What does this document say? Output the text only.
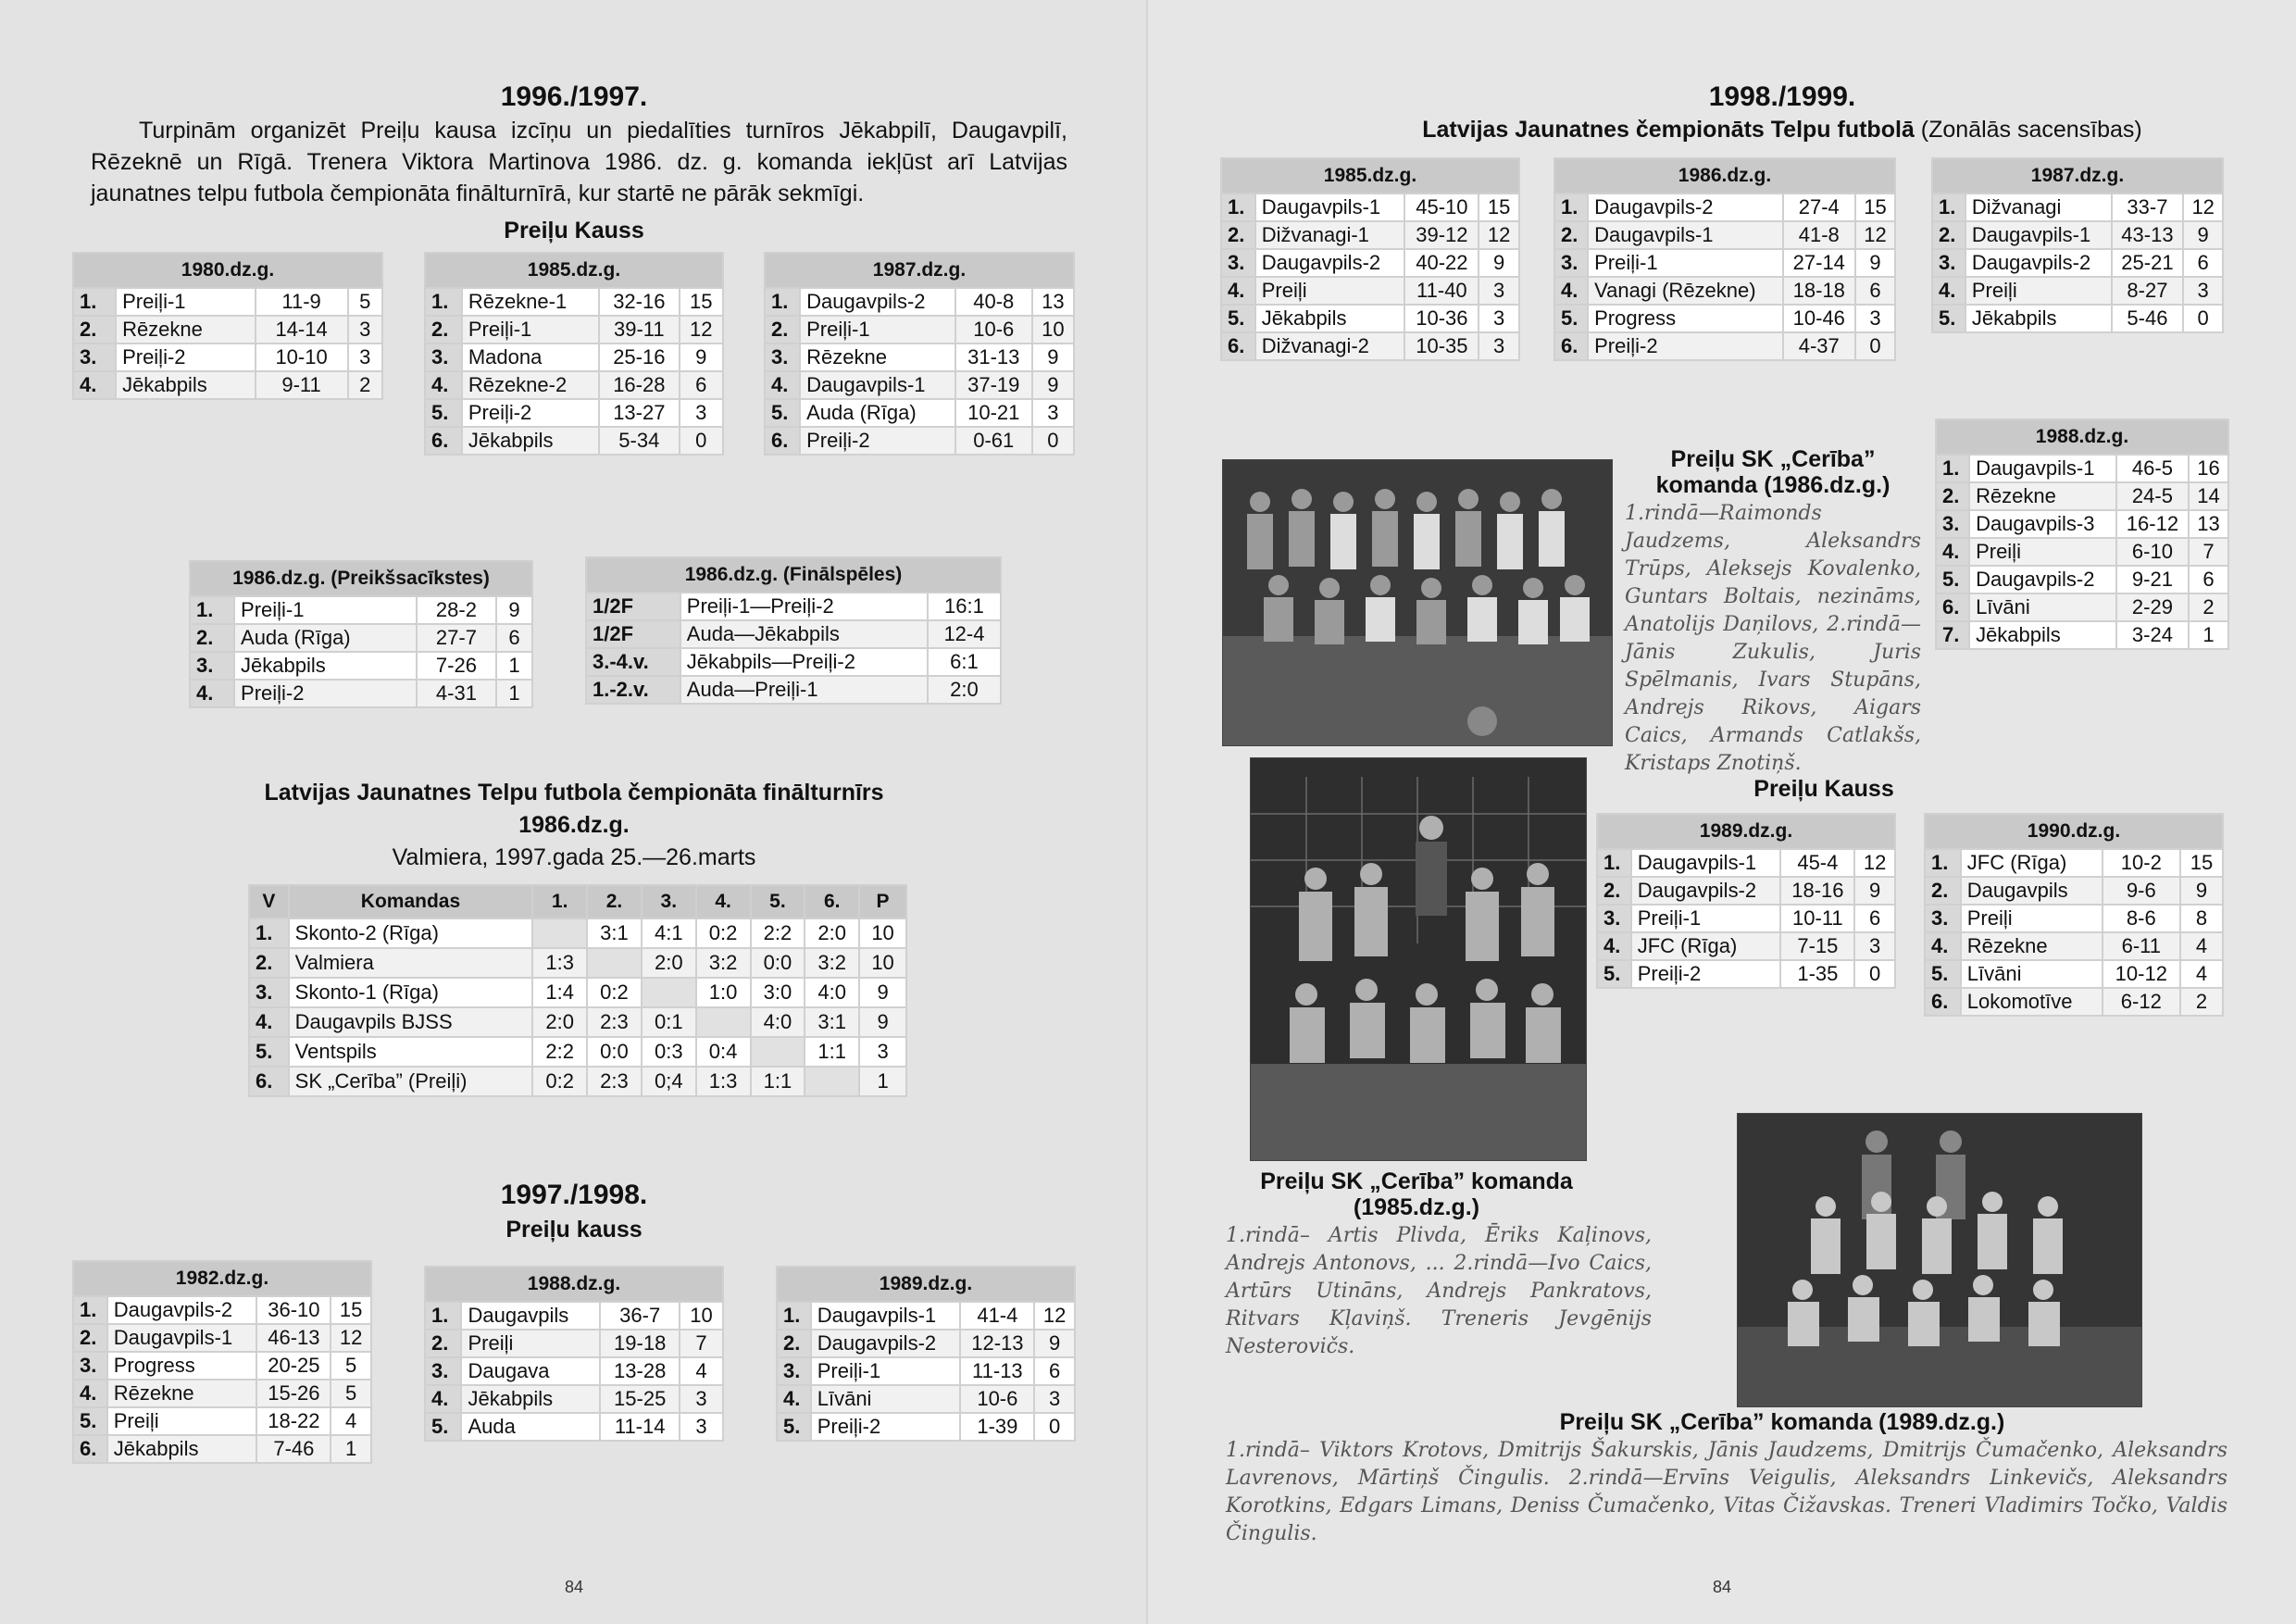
1996./1997.
Turpinām organizēt Preiļu kausa izcīņu un piedalīties turnīros Jēkabpilī, Daugavpilī, Rēzeknē un Rīgā. Trenera Viktora Martinova 1986. dz. g. komanda iekļūst arī Latvijas jaunatnes telpu futbola čempionāta finālturnīrā, kur startē ne pārāk sekmīgi.
Preiļu Kauss
1980.dz.g.			
1.	Preiļi-1	11-9	5
2.	Rēzekne	14-14	3
3.	Preiļi-2	10-10	3
4.	Jēkabpils	9-11	2
1985.dz.g.			
1.	Rēzekne-1	32-16	15
2.	Preiļi-1	39-11	12
3.	Madona	25-16	9
4.	Rēzekne-2	16-28	6
5.	Preiļi-2	13-27	3
6.	Jēkabpils	5-34	0
1987.dz.g.			
1.	Daugavpils-2	40-8	13
2.	Preiļi-1	10-6	10
3.	Rēzekne	31-13	9
4.	Daugavpils-1	37-19	9
5.	Auda (Rīga)	10-21	3
6.	Preiļi-2	0-61	0
1986.dz.g. (Preikšsacīkstes)			
1.	Preiļi-1	28-2	9
2.	Auda (Rīga)	27-7	6
3.	Jēkabpils	7-26	1
4.	Preiļi-2	4-31	1
1986.dz.g. (Finālspēles)		
1/2F	Preiļi-1—Preiļi-2	16:1
1/2F	Auda—Jēkabpils	12-4
3.-4.v.	Jēkabpils—Preiļi-2	6:1
1.-2.v.	Auda—Preiļi-1	2:0
Latvijas Jaunatnes Telpu futbola čempionāta finālturnīrs
1986.dz.g.
Valmiera, 1997.gada 25.—26.marts
V	Komandas	1.	2.	3.	4.	5.	6.	P
1.	Skonto-2 (Rīga)		3:1	4:1	0:2	2:2	2:0	10
2.	Valmiera	1:3		2:0	3:2	0:0	3:2	10
3.	Skonto-1 (Rīga)	1:4	0:2		1:0	3:0	4:0	9
4.	Daugavpils BJSS	2:0	2:3	0:1		4:0	3:1	9
5.	Ventspils	2:2	0:0	0:3	0:4		1:1	3
6.	SK „Cerība” (Preiļi)	0:2	2:3	0;4	1:3	1:1		1
1997./1998.
Preiļu kauss
1982.dz.g.			
1.	Daugavpils-2	36-10	15
2.	Daugavpils-1	46-13	12
3.	Progress	20-25	5
4.	Rēzekne	15-26	5
5.	Preiļi	18-22	4
6.	Jēkabpils	7-46	1
1988.dz.g.			
1.	Daugavpils	36-7	10
2.	Preiļi	19-18	7
3.	Daugava	13-28	4
4.	Jēkabpils	15-25	3
5.	Auda	11-14	3
1989.dz.g.			
1.	Daugavpils-1	41-4	12
2.	Daugavpils-2	12-13	9
3.	Preiļi-1	11-13	6
4.	Līvāni	10-6	3
5.	Preiļi-2	1-39	0
84
1998./1999.
Latvijas Jaunatnes čempionāts Telpu futbolā (Zonālās sacensības)
1985.dz.g.			
1.	Daugavpils-1	45-10	15
2.	Dižvanagi-1	39-12	12
3.	Daugavpils-2	40-22	9
4.	Preiļi	11-40	3
5.	Jēkabpils	10-36	3
6.	Dižvanagi-2	10-35	3
1986.dz.g.			
1.	Daugavpils-2	27-4	15
2.	Daugavpils-1	41-8	12
3.	Preiļi-1	27-14	9
4.	Vanagi (Rēzekne)	18-18	6
5.	Progress	10-46	3
6.	Preiļi-2	4-37	0
1987.dz.g.			
1.	Dižvanagi	33-7	12
2.	Daugavpils-1	43-13	9
3.	Daugavpils-2	25-21	6
4.	Preiļi	8-27	3
5.	Jēkabpils	5-46	0
1988.dz.g.			
1.	Daugavpils-1	46-5	16
2.	Rēzekne	24-5	14
3.	Daugavpils-3	16-12	13
4.	Preiļi	6-10	7
5.	Daugavpils-2	9-21	6
6.	Līvāni	2-29	2
7.	Jēkabpils	3-24	1
Preiļu SK „Cerība” komanda (1986.dz.g.)
1.rindā—Raimonds Jaudzems, Aleksandrs Trūps, Aleksejs Kovalenko, Guntars Boltais, nezināms, Anatolijs Daņilovs, 2.rindā—Jānis Zukulis, Juris Spēlmanis, Ivars Stupāns, Andrejs Rikovs, Aigars Caics, Armands Catlakšs, Kristaps Znotiņš.
Preiļu SK „Cerība” komanda (1985.dz.g.)
1.rindā– Artis Plivda, Ēriks Kaļinovs, Andrejs Antonovs, ... 2.rindā—Ivo Caics, Artūrs Utināns, Andrejs Pankratovs, Ritvars Kļaviņš. Treneris Jevgēnijs Nesterovičs.
Preiļu Kauss
1989.dz.g.			
1.	Daugavpils-1	45-4	12
2.	Daugavpils-2	18-16	9
3.	Preiļi-1	10-11	6
4.	JFC (Rīga)	7-15	3
5.	Preiļi-2	1-35	0
1990.dz.g.			
1.	JFC (Rīga)	10-2	15
2.	Daugavpils	9-6	9
3.	Preiļi	8-6	8
4.	Rēzekne	6-11	4
5.	Līvāni	10-12	4
6.	Lokomotīve	6-12	2
Preiļu SK „Cerība” komanda (1989.dz.g.)
1.rindā– Viktors Krotovs, Dmitrijs Šakurskis, Jānis Jaudzems, Dmitrijs Čumačenko, Aleksandrs Lavrenovs, Mārtiņš Čingulis. 2.rindā—Ervīns Veigulis, Aleksandrs Linkevičs, Aleksandrs Korotkins, Edgars Limans, Deniss Čumačenko, Vitas Čižavskas. Treneri Vladimirs Točko, Valdis Čingulis.
84
